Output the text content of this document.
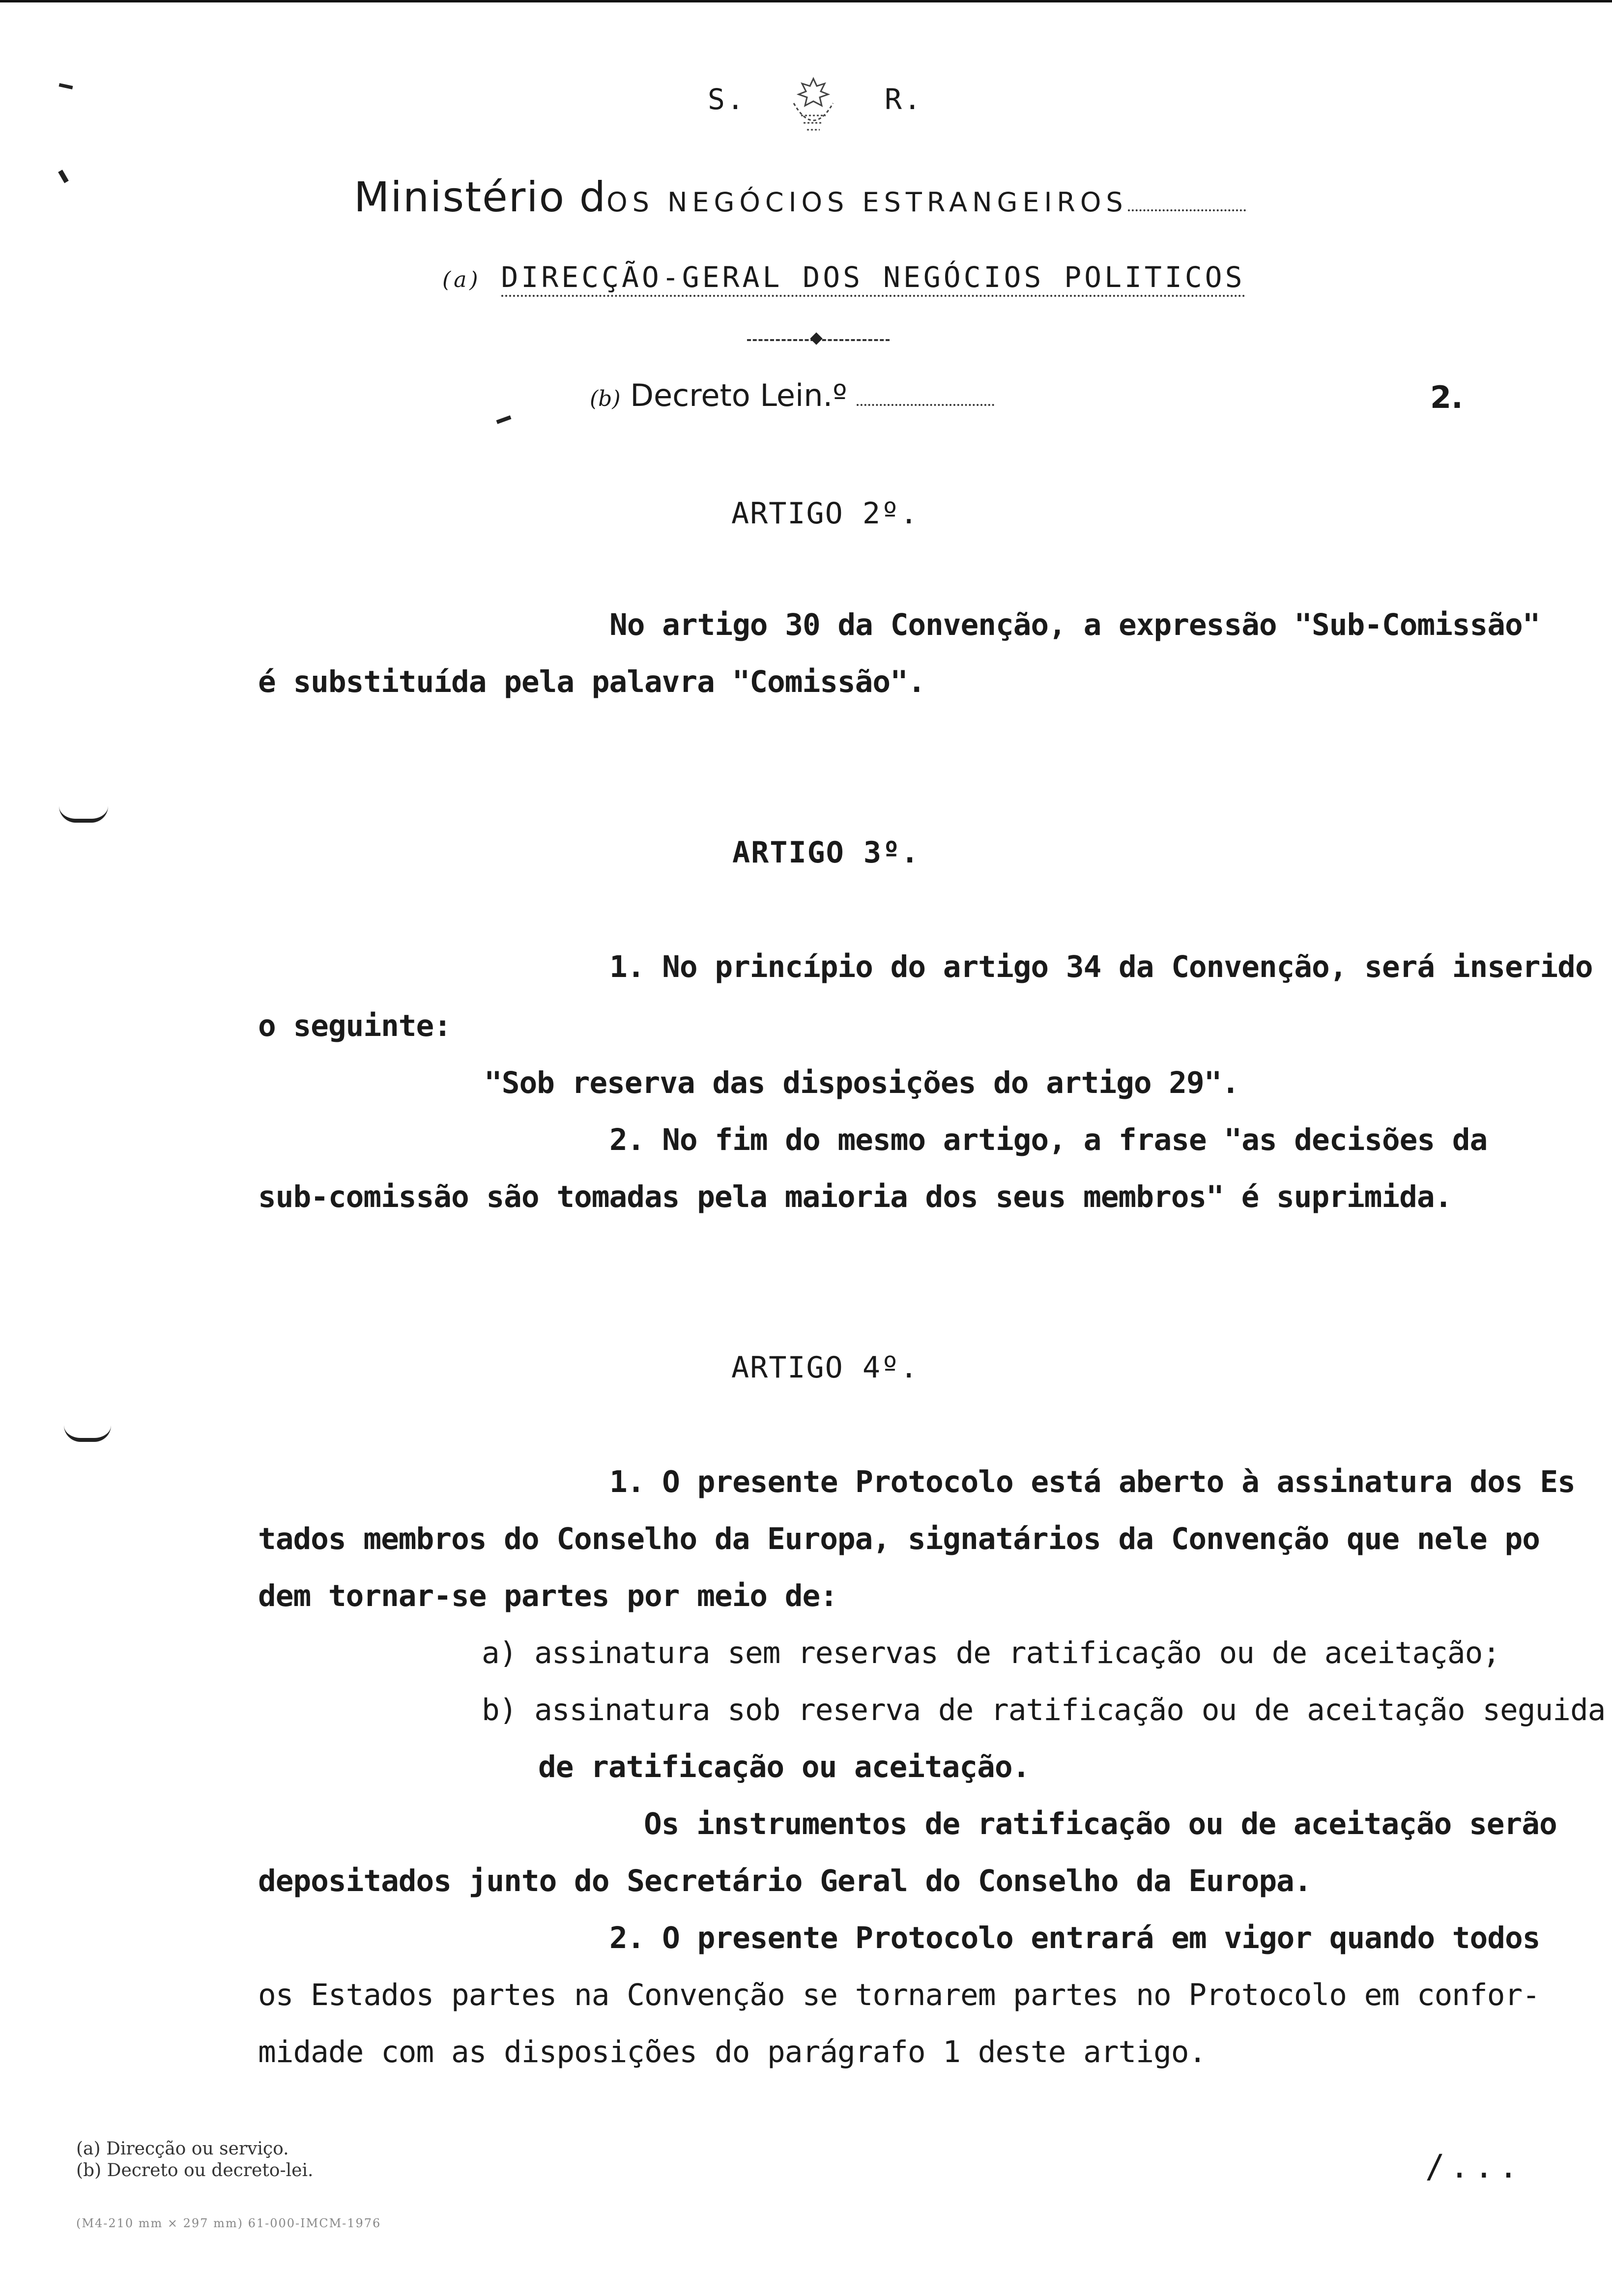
S.	R.
Ministério dOS NEGÓCIOS ESTRANGEIROS
(a) DIRECÇÃO-GERAL DOS NEGÓCIOS POLITICOS
(b) Decreto Lein.º	2.
ARTIGO 2º.
No artigo 30 da Convenção, a expressão "Sub-Comissão"
é substituída pela palavra "Comissão".
ARTIGO 3º.
1. No princípio do artigo 34 da Convenção, será inserido
o seguinte:
"Sob reserva das disposições do artigo 29".
2. No fim do mesmo artigo, a frase "as decisões da
sub-comissão são tomadas pela maioria dos seus membros" é suprimida.
ARTIGO 4º.
1. O presente Protocolo está aberto à assinatura dos Es
tados membros do Conselho da Europa, signatários da Convenção que nele po
dem tornar-se partes por meio de:
a) assinatura sem reservas de ratificação ou de aceitação;
b) assinatura sob reserva de ratificação ou de aceitação seguida
de ratificação ou aceitação.
Os instrumentos de ratificação ou de aceitação serão
depositados junto do Secretário Geral do Conselho da Europa.
2. O presente Protocolo entrará em vigor quando todos
os Estados partes na Convenção se tornarem partes no Protocolo em confor-
midade com as disposições do parágrafo 1 deste artigo.
(a) Direcção ou serviço.
(b) Decreto ou decreto-lei.
(M4-210 mm × 297 mm) 61-000-IMCM-1976
/...
